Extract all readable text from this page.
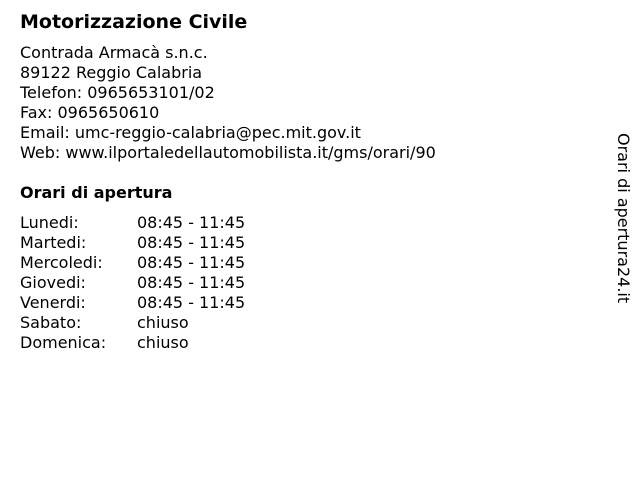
Motorizzazione Civile
Contrada Armacà s.n.c.
89122 Reggio Calabria
Telefon: 0965653101/02
Fax: 0965650610
Email: umc-reggio-calabria@pec.mit.gov.it
Web: www.ilportaledellautomobilista.it/gms/orari/90
Orari di apertura
Lunedi:	08:45 - 11:45
Martedi:	08:45 - 11:45
Mercoledi:	08:45 - 11:45
Giovedi:	08:45 - 11:45
Venerdi:	08:45 - 11:45
Sabato:	chiuso
Domenica:	chiuso
Orari di apertura24.it
